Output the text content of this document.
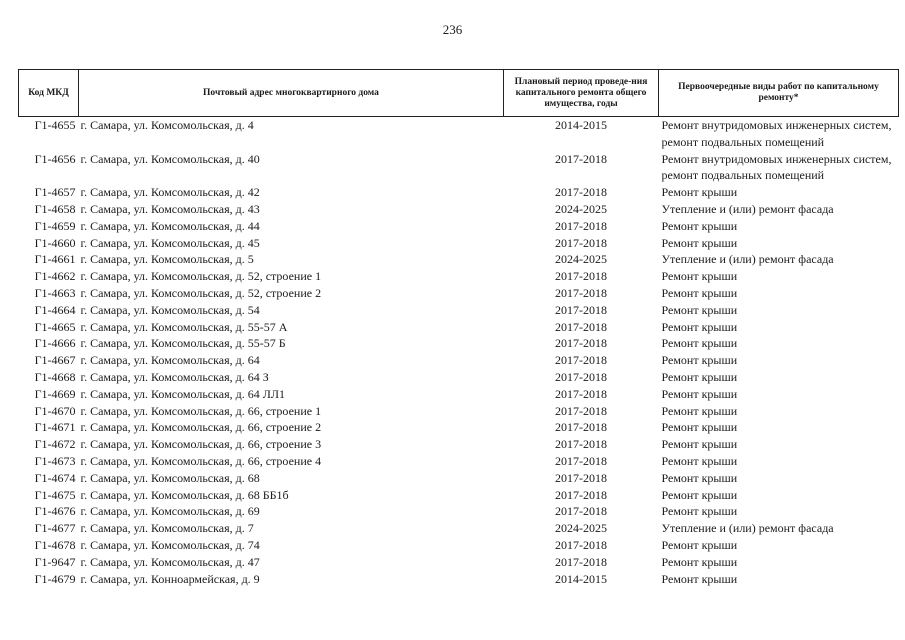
236
Код МКД	Почтовый адрес многоквартирного дома	Плановый период проведе-ния капитального ремонта общего имущества, годы	Первоочередные виды работ по капитальному ремонту*
Г1-4655	г. Самара, ул. Комсомольская, д. 4	2014-2015	Ремонт внутридомовых инженерных систем, ремонт подвальных помещений
Г1-4656	г. Самара, ул. Комсомольская, д. 40	2017-2018	Ремонт внутридомовых инженерных систем, ремонт подвальных помещений
Г1-4657	г. Самара, ул. Комсомольская, д. 42	2017-2018	Ремонт крыши
Г1-4658	г. Самара, ул. Комсомольская, д. 43	2024-2025	Утепление и (или) ремонт фасада
Г1-4659	г. Самара, ул. Комсомольская, д. 44	2017-2018	Ремонт крыши
Г1-4660	г. Самара, ул. Комсомольская, д. 45	2017-2018	Ремонт крыши
Г1-4661	г. Самара, ул. Комсомольская, д. 5	2024-2025	Утепление и (или) ремонт фасада
Г1-4662	г. Самара, ул. Комсомольская, д. 52, строение 1	2017-2018	Ремонт крыши
Г1-4663	г. Самара, ул. Комсомольская, д. 52, строение 2	2017-2018	Ремонт крыши
Г1-4664	г. Самара, ул. Комсомольская, д. 54	2017-2018	Ремонт крыши
Г1-4665	г. Самара, ул. Комсомольская, д. 55-57 А	2017-2018	Ремонт крыши
Г1-4666	г. Самара, ул. Комсомольская, д. 55-57 Б	2017-2018	Ремонт крыши
Г1-4667	г. Самара, ул. Комсомольская, д. 64	2017-2018	Ремонт крыши
Г1-4668	г. Самара, ул. Комсомольская, д. 64 З	2017-2018	Ремонт крыши
Г1-4669	г. Самара, ул. Комсомольская, д. 64 ЛЛ1	2017-2018	Ремонт крыши
Г1-4670	г. Самара, ул. Комсомольская, д. 66, строение 1	2017-2018	Ремонт крыши
Г1-4671	г. Самара, ул. Комсомольская, д. 66, строение 2	2017-2018	Ремонт крыши
Г1-4672	г. Самара, ул. Комсомольская, д. 66, строение 3	2017-2018	Ремонт крыши
Г1-4673	г. Самара, ул. Комсомольская, д. 66, строение 4	2017-2018	Ремонт крыши
Г1-4674	г. Самара, ул. Комсомольская, д. 68	2017-2018	Ремонт крыши
Г1-4675	г. Самара, ул. Комсомольская, д. 68 ББ1б	2017-2018	Ремонт крыши
Г1-4676	г. Самара, ул. Комсомольская, д. 69	2017-2018	Ремонт крыши
Г1-4677	г. Самара, ул. Комсомольская, д. 7	2024-2025	Утепление и (или) ремонт фасада
Г1-4678	г. Самара, ул. Комсомольская, д. 74	2017-2018	Ремонт крыши
Г1-9647	г. Самара, ул. Комсомольская, д. 47	2017-2018	Ремонт крыши
Г1-4679	г. Самара, ул. Конноармейская, д. 9	2014-2015	Ремонт крыши
